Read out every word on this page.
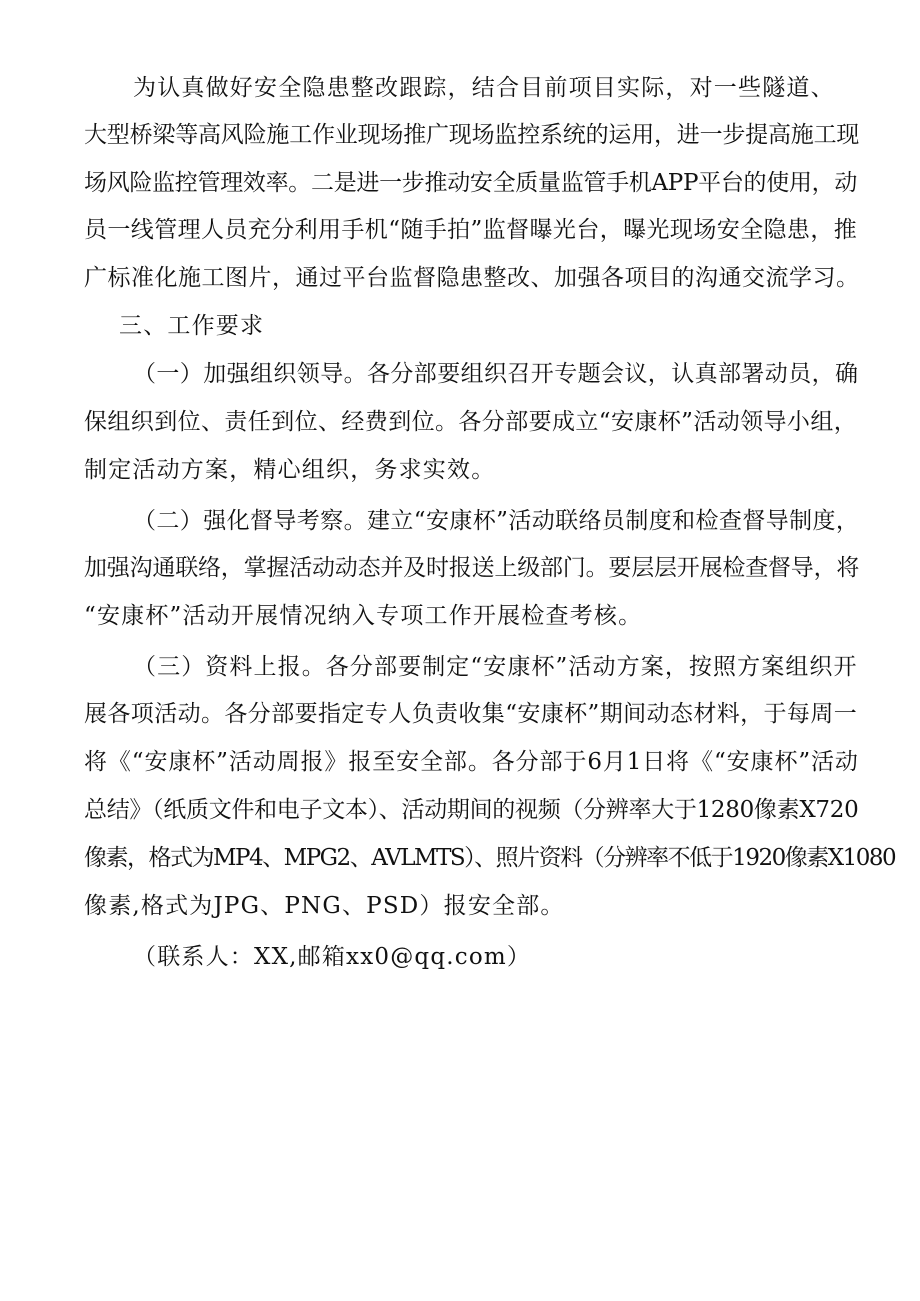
为认真做好安全隐患整改跟踪，结合目前项目实际，对一些隧道、
大型桥梁等高风险施工作业现场推广现场监控系统的运用，进一步提高施工现
场风险监控管理效率。二是进一步推动安全质量监管手机APP平台的使用，动
员一线管理人员充分利用手机“随手拍”监督曝光台，曝光现场安全隐患，推
广标准化施工图片，通过平台监督隐患整改、加强各项目的沟通交流学习。
三、工作要求
（一）加强组织领导。各分部要组织召开专题会议，认真部署动员，确
保组织到位、责任到位、经费到位。各分部要成立“安康杯”活动领导小组，
制定活动方案，精心组织，务求实效。
（二）强化督导考察。建立“安康杯”活动联络员制度和检查督导制度，
加强沟通联络，掌握活动动态并及时报送上级部门。要层层开展检查督导，将
“安康杯”活动开展情况纳入专项工作开展检查考核。
（三）资料上报。各分部要制定“安康杯”活动方案，按照方案组织开
展各项活动。各分部要指定专人负责收集“安康杯”期间动态材料，于每周一
将《“安康杯”活动周报》报至安全部。各分部于6月1日将《“安康杯”活动
总结》（纸质文件和电子文本）、活动期间的视频（分辨率大于1280像素X720
像素，格式为MP4、MPG2、AVLMTS）、照片资料（分辨率不低于1920像素X1080
像素,格式为JPG、PNG、PSD）报安全部。
（联系人：XX,邮箱xx0@qq.com）
